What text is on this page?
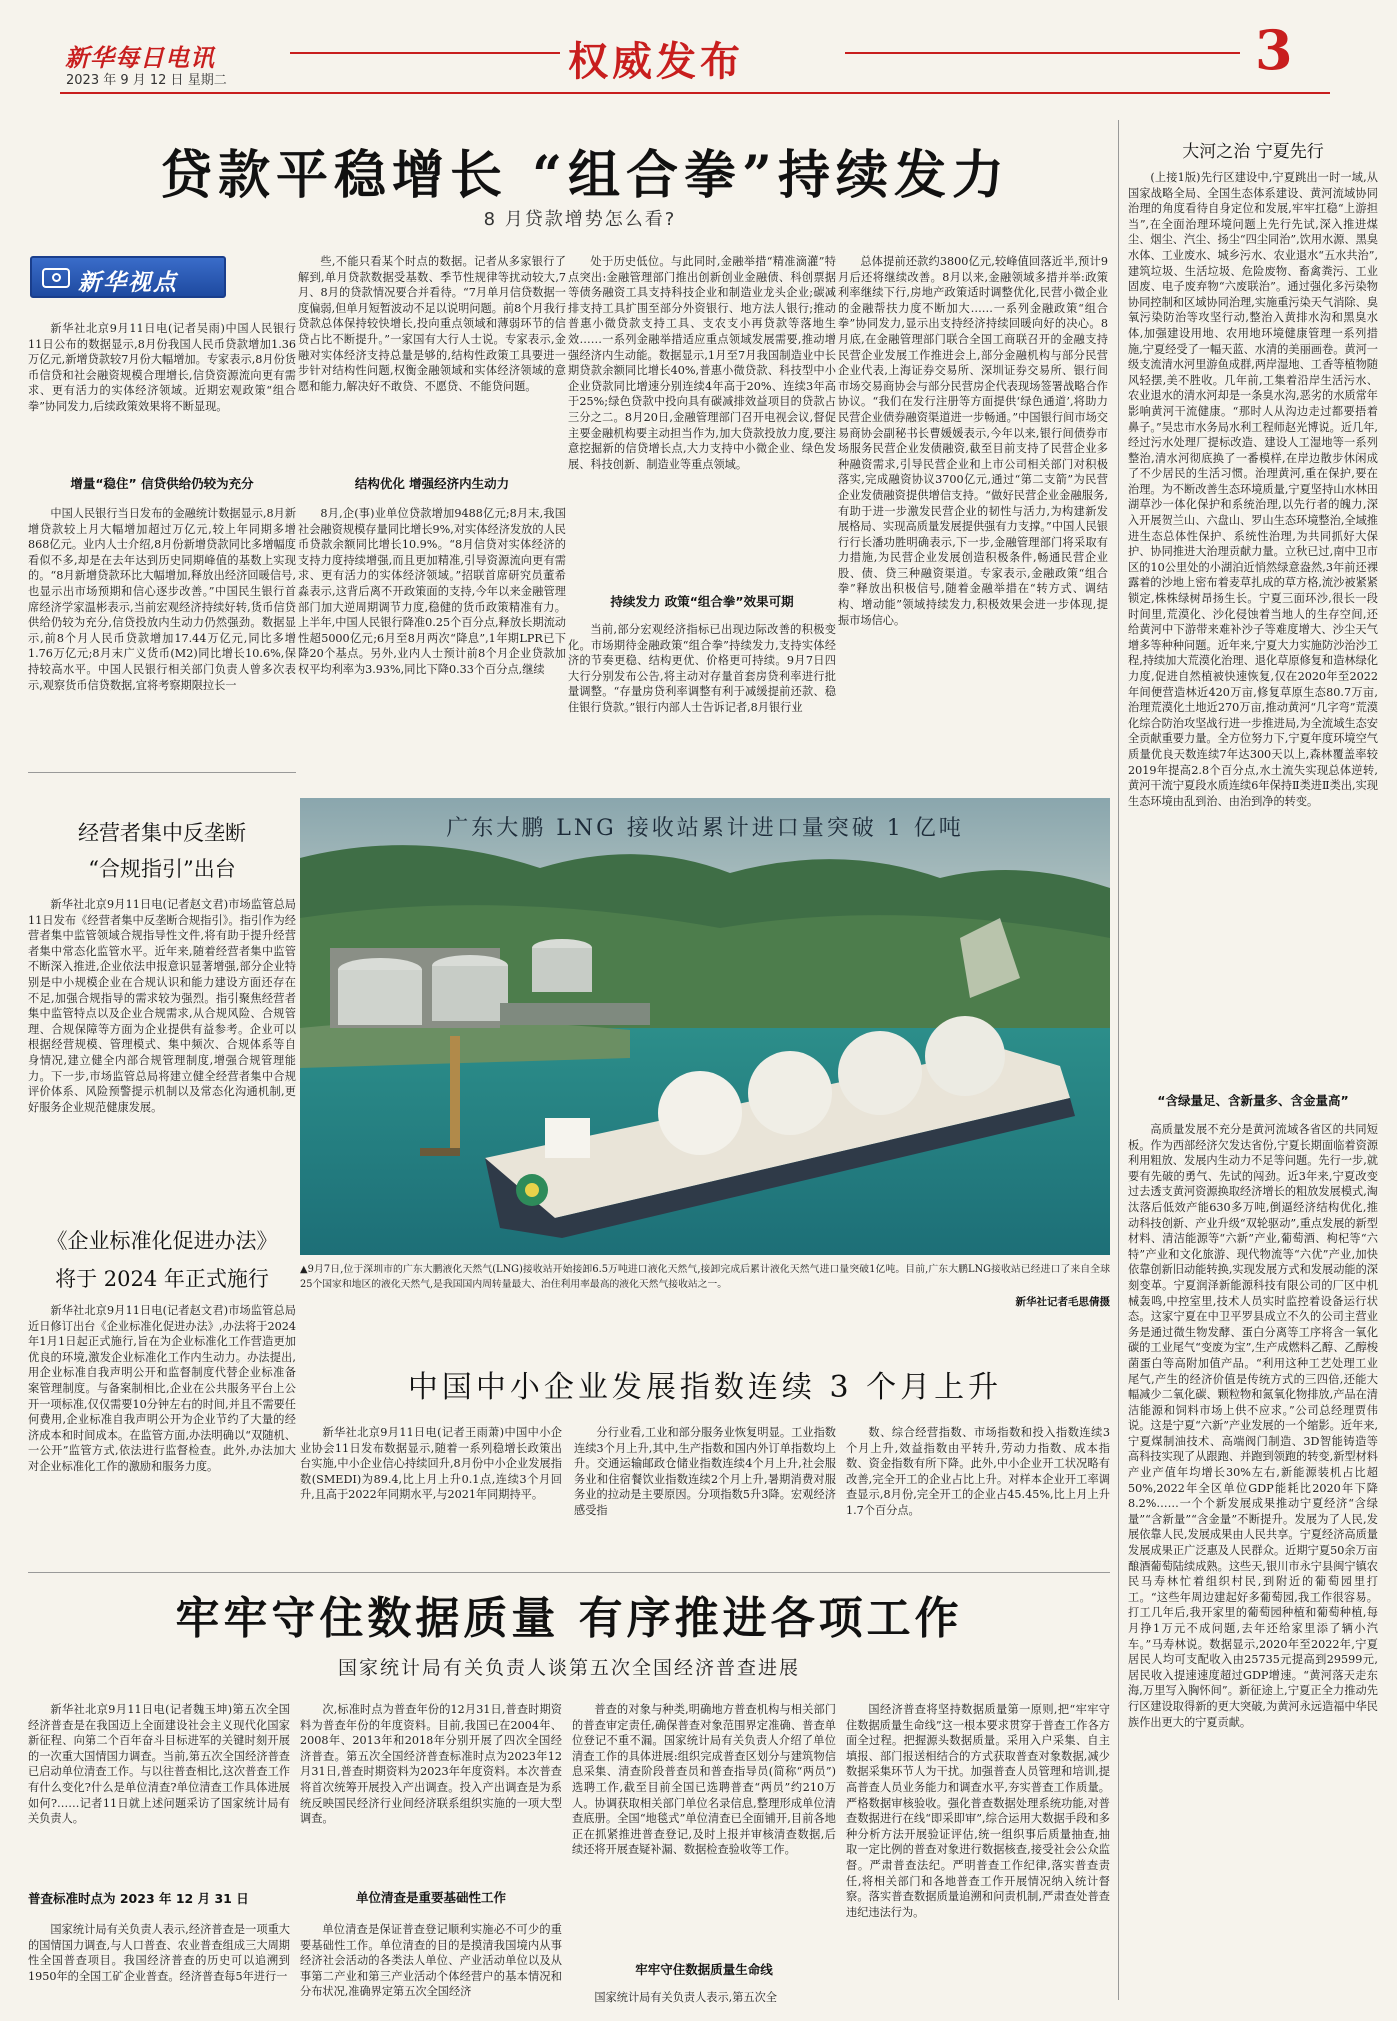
新华每日电讯
2023 年 9 月 12 日 星期二	权威发布	3
贷款平稳增长 “组合拳”持续发力
8 月贷款增势怎么看?
新华视点
新华社北京9月11日电(记者吴雨)中国人民银行11日公布的数据显示,8月份我国人民币贷款增加1.36万亿元,新增贷款较7月份大幅增加。专家表示,8月份货币信贷和社会融资规模合理增长,信贷资源流向更有需求、更有活力的实体经济领域。近期宏观政策“组合拳”协同发力,后续政策效果将不断显现。
增量“稳住” 信贷供给仍较为充分
中国人民银行当日发布的金融统计数据显示,8月新增贷款较上月大幅增加超过万亿元,较上年同期多增868亿元。业内人士介绍,8月份新增贷款同比多增幅度看似不多,却是在去年达到历史同期峰值的基数上实现的。“8月新增贷款环比大幅增加,释放出经济回暖信号,也显示出市场预期和信心逐步改善。”中国民生银行首席经济学家温彬表示,当前宏观经济持续好转,货币信贷供给仍较为充分,信贷投放内生动力仍然强劲。数据显示,前8个月人民币贷款增加17.44万亿元,同比多增1.76万亿元;8月末广义货币(M2)同比增长10.6%,保持较高水平。中国人民银行相关部门负责人曾多次表示,观察货币信贷数据,宜将考察期限拉长一
些,不能只看某个时点的数据。记者从多家银行了解到,单月贷款数据受基数、季节性规律等扰动较大,7月、8月的贷款情况要合并看待。“7月单月信贷数据一度偏弱,但单月短暂波动不足以说明问题。前8个月我行贷款总体保持较快增长,投向重点领域和薄弱环节的信贷占比不断提升。”一家国有大行人士说。专家表示,金融对实体经济支持总量是够的,结构性政策工具要进一步针对结构性问题,权衡金融领域和实体经济领域的意愿和能力,解决好不敢贷、不愿贷、不能贷问题。
结构优化 增强经济内生动力
8月,企(事)业单位贷款增加9488亿元;8月末,我国社会融资规模存量同比增长9%,对实体经济发放的人民币贷款余额同比增长10.9%。“8月信贷对实体经济的支持力度持续增强,而且更加精准,引导资源流向更有需求、更有活力的实体经济领域。”招联首席研究员董希淼表示,这背后离不开政策面的支持,今年以来金融管理部门加大逆周期调节力度,稳健的货币政策精准有力。上半年,中国人民银行降准0.25个百分点,释放长期流动性超5000亿元;6月至8月两次“降息”,1年期LPR已下降20个基点。另外,业内人士预计前8个月企业贷款加权平均利率为3.93%,同比下降0.33个百分点,继续
处于历史低位。与此同时,金融举措“精准滴灌”特点突出:金融管理部门推出创新创业金融债、科创票据等债务融资工具支持科技企业和制造业龙头企业;碳减排支持工具扩围至部分外资银行、地方法人银行;推动普惠小微贷款支持工具、支农支小再贷款等落地生效……一系列金融举措适应重点领域发展需要,推动增强经济内生动能。数据显示,1月至7月我国制造业中长期贷款余额同比增长40%,普惠小微贷款、科技型中小企业贷款同比增速分别连续4年高于20%、连续3年高于25%;绿色贷款中投向具有碳减排效益项目的贷款占三分之二。8月20日,金融管理部门召开电视会议,督促主要金融机构要主动担当作为,加大贷款投放力度,要注意挖掘新的信贷增长点,大力支持中小微企业、绿色发展、科技创新、制造业等重点领域。
持续发力 政策“组合拳”效果可期
当前,部分宏观经济指标已出现边际改善的积极变化。市场期待金融政策“组合拳”持续发力,支持实体经济的节奏更稳、结构更优、价格更可持续。9月7日四大行分别发布公告,将主动对存量首套房贷利率进行批量调整。“存量房贷利率调整有利于减缓提前还款、稳住银行贷款。”银行内部人士告诉记者,8月银行业
总体提前还款约3800亿元,较峰值回落近半,预计9月后还将继续改善。8月以来,金融领域多措并举:政策利率继续下行,房地产政策适时调整优化,民营小微企业的金融帮扶力度不断加大……一系列金融政策“组合拳”协同发力,显示出支持经济持续回暖向好的决心。8月底,在金融管理部门联合全国工商联召开的金融支持民营企业发展工作推进会上,部分金融机构与部分民营企业代表,上海证券交易所、深圳证券交易所、银行间市场交易商协会与部分民营房企代表现场签署战略合作协议。“我们在发行注册等方面提供‘绿色通道’,将助力民营企业债券融资渠道进一步畅通。”中国银行间市场交易商协会副秘书长曹媛媛表示,今年以来,银行间债券市场服务民营企业发债融资,截至目前支持了民营企业多种融资需求,引导民营企业和上市公司相关部门对积极落实,完成融资协议3700亿元,通过“第二支箭”为民营企业发债融资提供增信支持。“做好民营企业金融服务,有助于进一步激发民营企业的韧性与活力,为构建新发展格局、实现高质量发展提供强有力支撑。”中国人民银行行长潘功胜明确表示,下一步,金融管理部门将采取有力措施,为民营企业发展创造积极条件,畅通民营企业股、债、贷三种融资渠道。专家表示,金融政策“组合拳”释放出积极信号,随着金融举措在“转方式、调结构、增动能”领域持续发力,积极效果会进一步体现,提振市场信心。
大河之治 宁夏先行
(上接1版)先行区建设中,宁夏跳出一时一域,从国家战略全局、全国生态体系建设、黄河流域协同治理的角度看待自身定位和发展,牢牢扛稳“上游担当”,在全面治理环境问题上先行先试,深入推进煤尘、烟尘、汽尘、扬尘“四尘同治”,饮用水源、黑臭水体、工业废水、城乡污水、农业退水“五水共治”,建筑垃圾、生活垃圾、危险废物、畜禽粪污、工业固废、电子废弃物“六废联治”。通过强化多污染物协同控制和区域协同治理,实施重污染天气消除、臭氧污染防治等攻坚行动,整治入黄排水沟和黑臭水体,加强建设用地、农用地环境健康管理一系列措施,宁夏经受了一幅天蓝、水清的美丽画卷。黄河一级支流清水河里游鱼成群,两岸湿地、工香等植物随风轻摆,美不胜收。几年前,工集着沿岸生活污水、农业退水的清水河却是一条臭水沟,恶劣的水质常年影响黄河干流健康。“那时人从沟边走过都要捂着鼻子。”吴忠市水务局水利工程师赵光博说。近几年,经过污水处理厂提标改造、建设人工湿地等一系列整治,清水河彻底换了一番模样,在岸边散步休闲成了不少居民的生活习惯。治理黄河,重在保护,要在治理。为不断改善生态环境质量,宁夏坚持山水林田湖草沙一体化保护和系统治理,以先行者的魄力,深入开展贺兰山、六盘山、罗山生态环境整治,全域推进生态总体性保护、系统性治理,为共同抓好大保护、协同推进大治理贡献力量。立秋已过,南中卫市区的10公里处的小湖泊近悄然绿意盎然,3年前还裸露着的沙地上密布着麦草扎成的草方格,流沙被紧紧锁定,株株绿树昂扬生长。宁夏三面环沙,很长一段时间里,荒漠化、沙化侵蚀着当地人的生存空间,还给黄河中下游带来难补沙子等难度增大、沙尘天气增多等种种问题。近年来,宁夏大力实施防沙治沙工程,持续加大荒漠化治理、退化草原修复和造林绿化力度,促进自然植被快速恢复,仅在2020年至2022年间便营造林近420万亩,修复草原生态80.7万亩,治理荒漠化土地近270万亩,推动黄河“几字弯”荒漠化综合防治攻坚战行进一步推进局,为全流域生态安全贡献重要力量。全方位努力下,宁夏年度环境空气质量优良天数连续7年达300天以上,森林覆盖率较2019年提高2.8个百分点,水土流失实现总体逆转,黄河干流宁夏段水质连续6年保持Ⅱ类进Ⅱ类出,实现生态环境由乱到治、由治到净的转变。
“含绿量足、含新量多、含金量高”
高质量发展不充分是黄河流域各省区的共同短板。作为西部经济欠发达省份,宁夏长期面临着资源利用粗放、发展内生动力不足等问题。先行一步,就要有先破的勇气、先试的闯劲。近3年来,宁夏改变过去透支黄河资源换取经济增长的粗放发展模式,淘汰落后低效产能630多万吨,倒逼经济结构优化,推动科技创新、产业升级“双轮驱动”,重点发展的新型材料、清洁能源等“六新”产业,葡萄酒、枸杞等“六特”产业和文化旅游、现代物流等“六优”产业,加快依靠创新旧动能转换,实现发展方式和发展动能的深刻变革。宁夏润泽新能源科技有限公司的厂区中机械轰鸣,中控室里,技术人员实时监控着设备运行状态。这家宁夏在中卫平罗县成立不久的公司主营业务是通过微生物发酵、蛋白分离等工序将含一氧化碳的工业尾气“变废为宝”,生产成燃料乙醇、乙醇梭菌蛋白等高附加值产品。“利用这种工艺处理工业尾气,产生的经济价值是传统方式的三四倍,还能大幅减少二氧化碳、颗粒物和氮氧化物排放,产品在清洁能源和饲料市场上供不应求。”公司总经理贾伟说。这是宁夏“六新”产业发展的一个缩影。近年来,宁夏煤制油技术、高端阀门制造、3D智能铸造等高科技实现了从跟跑、并跑到领跑的转变,新型材料产业产值年均增长30%左右,新能源装机占比超50%,2022年全区单位GDP能耗比2020年下降8.2%……一个个新发展成果推动宁夏经济“含绿量”“含新量”“含金量”不断提升。发展为了人民,发展依靠人民,发展成果由人民共享。宁夏经济高质量发展成果正广泛惠及人民群众。近期宁夏50余万亩酿酒葡萄陆续成熟。这些天,银川市永宁县闽宁镇农民马寿林忙着组织村民,到附近的葡萄园里打工。“这些年周边建起好多葡萄园,我工作很容易。打工几年后,我开家里的葡萄园种植和葡萄种植,每月挣1万元不成问题,去年还给家里添了辆小汽车。”马寿林说。数据显示,2020年至2022年,宁夏居民人均可支配收入由25735元提高到29599元,居民收入提速速度超过GDP增速。“黄河落天走东海,万里写入胸怀间”。新征途上,宁夏正全力推动先行区建设取得新的更大突破,为黄河永远造福中华民族作出更大的宁夏贡献。
经营者集中反垄断
“合规指引”出台
新华社北京9月11日电(记者赵文君)市场监管总局11日发布《经营者集中反垄断合规指引》。指引作为经营者集中监管领域合规指导性文件,将有助于提升经营者集中常态化监管水平。近年来,随着经营者集中监管不断深入推进,企业依法申报意识显著增强,部分企业特别是中小规模企业在合规认识和能力建设方面还存在不足,加强合规指导的需求较为强烈。指引聚焦经营者集中监管特点以及企业合规需求,从合规风险、合规管理、合规保障等方面为企业提供有益参考。企业可以根据经营规模、管理模式、集中频次、合规体系等自身情况,建立健全内部合规管理制度,增强合规管理能力。下一步,市场监管总局将建立健全经营者集中合规评价体系、风险预警提示机制以及常态化沟通机制,更好服务企业规范健康发展。
《企业标准化促进办法》
将于 2024 年正式施行
新华社北京9月11日电(记者赵文君)市场监管总局近日修订出台《企业标准化促进办法》,办法将于2024年1月1日起正式施行,旨在为企业标准化工作营造更加优良的环境,激发企业标准化工作内生动力。办法提出,用企业标准自我声明公开和监督制度代替企业标准备案管理制度。与备案制相比,企业在公共服务平台上公开一项标准,仅仅需要10分钟左右的时间,并且不需要任何费用,企业标准自我声明公开为企业节约了大量的经济成本和时间成本。在监管方面,办法明确以“双随机、一公开”监管方式,依法进行监督检查。此外,办法加大对企业标准化工作的激励和服务力度。
广东大鹏 LNG 接收站累计进口量突破 1 亿吨
▲9月7日,位于深圳市的广东大鹏液化天然气(LNG)接收站开始接卸6.5万吨进口液化天然气,接卸完成后累计液化天然气进口量突破1亿吨。目前,广东大鹏LNG接收站已经进口了来自全球25个国家和地区的液化天然气,是我国国内周转量最大、治住利用率最高的液化天然气接收站之一。
新华社记者毛思倩摄
中国中小企业发展指数连续 3 个月上升
新华社北京9月11日电(记者王雨萧)中国中小企业协会11日发布数据显示,随着一系列稳增长政策出台实施,中小企业信心持续回升,8月份中小企业发展指数(SMEDI)为89.4,比上月上升0.1点,连续3个月回升,且高于2022年同期水平,与2021年同期持平。
分行业看,工业和部分服务业恢复明显。工业指数连续3个月上升,其中,生产指数和国内外订单指数均上升。交通运输邮政仓储业指数连续4个月上升,社会服务业和住宿餐饮业指数连续2个月上升,暑期消费对服务业的拉动是主要原因。分项指数5升3降。宏观经济感受指
数、综合经营指数、市场指数和投入指数连续3个月上升,效益指数由平转升,劳动力指数、成本指数、资金指数有所下降。此外,中小企业开工状况略有改善,完全开工的企业占比上升。对样本企业开工率调查显示,8月份,完全开工的企业占45.45%,比上月上升1.7个百分点。
牢牢守住数据质量 有序推进各项工作
国家统计局有关负责人谈第五次全国经济普查进展
新华社北京9月11日电(记者魏玉坤)第五次全国经济普查是在我国迈上全面建设社会主义现代化国家新征程、向第二个百年奋斗目标进军的关键时刻开展的一次重大国情国力调查。当前,第五次全国经济普查已启动单位清查工作。与以往普查相比,这次普查工作有什么变化?什么是单位清查?单位清查工作具体进展如何?……记者11日就上述问题采访了国家统计局有关负责人。
普查标准时点为 2023 年 12 月 31 日
国家统计局有关负责人表示,经济普查是一项重大的国情国力调查,与人口普查、农业普查组成三大周期性全国普查项目。我国经济普查的历史可以追溯到1950年的全国工矿企业普查。经济普查每5年进行一
次,标准时点为普查年份的12月31日,普查时期资料为普查年份的年度资料。目前,我国已在2004年、2008年、2013年和2018年分别开展了四次全国经济普查。第五次全国经济普查标准时点为2023年12月31日,普查时期资料为2023年年度资料。本次普查将首次统筹开展投入产出调查。投入产出调查是为系统反映国民经济行业间经济联系组织实施的一项大型调查。
单位清查是重要基础性工作
单位清查是保证普查登记顺利实施必不可少的重要基础性工作。单位清查的目的是摸清我国境内从事经济社会活动的各类法人单位、产业活动单位以及从事第二产业和第三产业活动个体经营户的基本情况和分布状况,准确界定第五次全国经济
普查的对象与种类,明确地方普查机构与相关部门的普查审定责任,确保普查对象范围界定准确、普查单位登记不重不漏。国家统计局有关负责人介绍了单位清查工作的具体进展:组织完成普查区划分与建筑物信息采集、清查阶段普查员和普查指导员(简称“两员”)选聘工作,截至目前全国已选聘普查“两员”约210万人。协调获取相关部门单位名录信息,整理形成单位清查底册。全国“地毯式”单位清查已全面铺开,目前各地正在抓紧推进普查登记,及时上报并审核清查数据,后续还将开展查疑补漏、数据检查验收等工作。
牢牢守住数据质量生命线
国家统计局有关负责人表示,第五次全
国经济普查将坚持数据质量第一原则,把“牢牢守住数据质量生命线”这一根本要求贯穿于普查工作各方面全过程。把握源头数据质量。采用入户采集、自主填报、部门报送相结合的方式获取普查对象数据,减少数据采集环节人为干扰。加强普查人员管理和培训,提高普查人员业务能力和调查水平,夯实普查工作质量。严格数据审核验收。强化普查数据处理系统功能,对普查数据进行在线“即采即审”,综合运用大数据手段和多种分析方法开展验证评估,统一组织事后质量抽查,抽取一定比例的普查对象进行数据核查,接受社会公众监督。严肃普查法纪。严明普查工作纪律,落实普查责任,将相关部门和各地普查工作开展情况纳入统计督察。落实普查数据质量追溯和问责机制,严肃查处普查违纪违法行为。
